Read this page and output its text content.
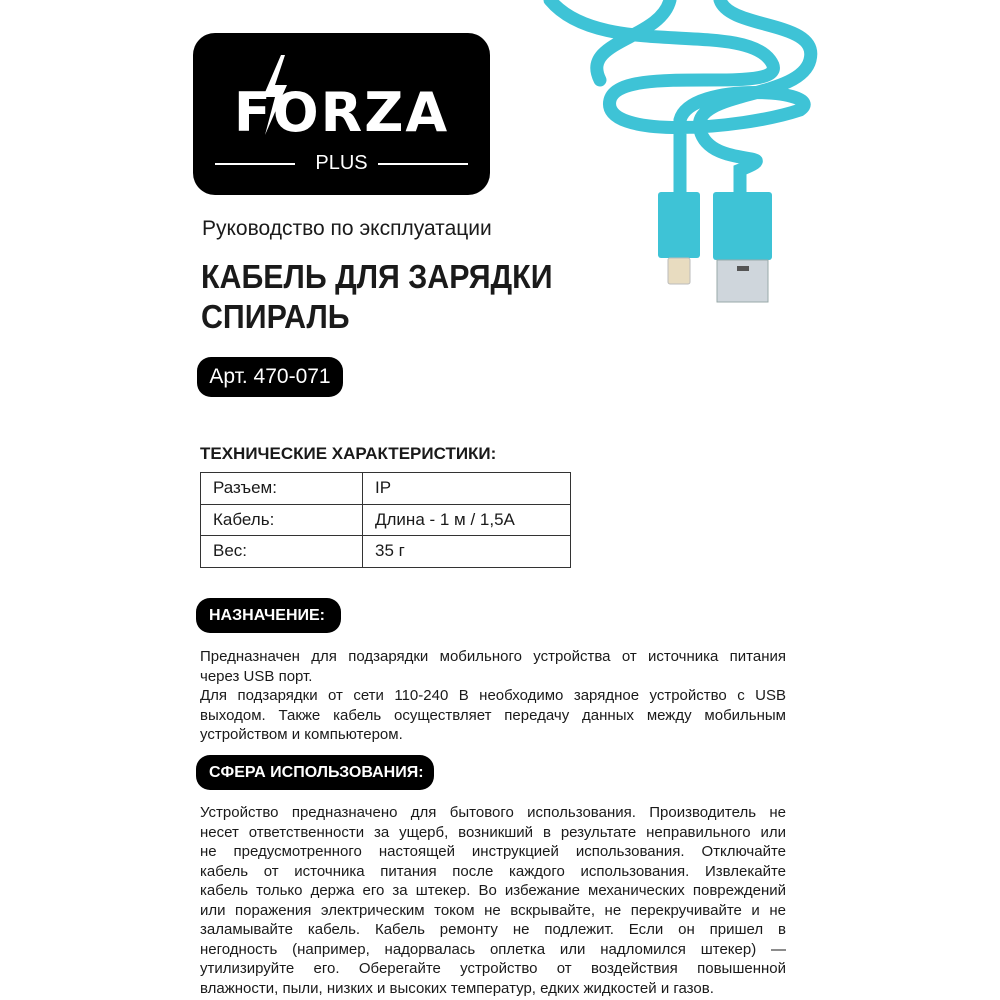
FORZA
PLUS
Руководство по эксплуатации
КАБЕЛЬ ДЛЯ ЗАРЯДКИ
СПИРАЛЬ
Арт. 470-071
ТЕХНИЧЕСКИЕ ХАРАКТЕРИСТИКИ:
Разъем:	IP
Кабель:	Длина - 1 м / 1,5А
Вес:	35 г
НАЗНАЧЕНИЕ:
Предназначен для подзарядки мобильного устройства от источника питания
через USB порт.
Для подзарядки от сети 110-240 В необходимо зарядное устройство с USB
выходом. Также кабель осуществляет передачу данных между мобильным
устройством и компьютером.
СФЕРА ИСПОЛЬЗОВАНИЯ:
Устройство предназначено для бытового использования. Производитель не
несет ответственности за ущерб, возникший в результате неправильного или
не предусмотренного настоящей инструкцией использования. Отключайте
кабель от источника питания после каждого использования. Извлекайте
кабель только держа его за штекер. Во избежание механических повреждений
или поражения электрическим током не вскрывайте, не перекручивайте и не
заламывайте кабель. Кабель ремонту не подлежит. Если он пришел в
негодность (например, надорвалась оплетка или надломился штекер) —
утилизируйте его. Оберегайте устройство от воздействия повышенной
влажности, пыли, низких и высоких температур, едких жидкостей и газов.
